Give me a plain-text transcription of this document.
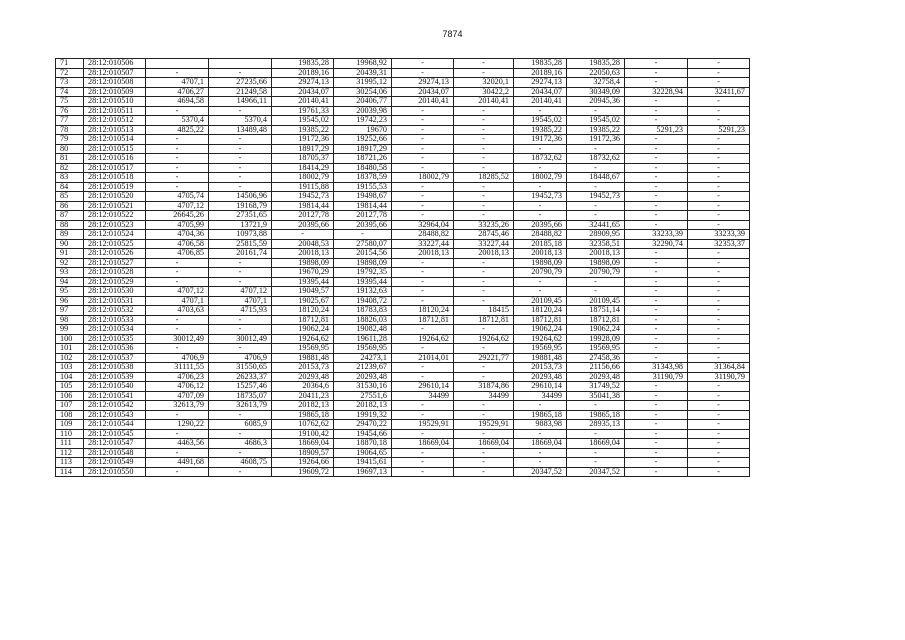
7874
71	28:12:010506			19835,28	19968,92	-	-	19835,28	19835,28	-	-
72	28:12:010507	-	-	20189,16	20439,31	-	-	20189,16	22050,63	-	-
73	28:12:010508	4707,1	27235,66	29274,13	31995,12	29274,13	32020,1	29274,13	32758,4	-	-
74	28:12:010509	4706,27	21249,58	20434,07	30254,06	20434,07	30422,2	20434,07	30349,09	32228,94	32411,67
75	28:12:010510	4694,58	14966,11	20140,41	20406,77	20140,41	20140,41	20140,41	20945,36	-	-
76	28:12:010511	-	-	19761,33	20039,98	-	-	-	-	-	-
77	28:12:010512	5370,4	5370,4	19545,02	19742,23	-	-	19545,02	19545,02	-	-
78	28:12:010513	4825,22	13489,48	19385,22	19670	-	-	19385,22	19385,22	5291,23	5291,23
79	28:12:010514	-	-	19172,36	19252,66	-	-	19172,36	19172,36	-	-
80	28:12:010515	-	-	18917,29	18917,29	-	-	-	-	-	-
81	28:12:010516	-	-	18705,37	18721,26	-	-	18732,62	18732,62	-	-
82	28:12:010517	-	-	18414,29	18480,58	-	-	-	-	-	-
83	28:12:010518	-	-	18002,79	18378,59	18002,79	18285,52	18002,79	18448,67	-	-
84	28:12:010519	-	-	19115,88	19155,53	-	-	-	-	-	-
85	28:12:010520	4705,74	14506,96	19452,73	19498,67	-	-	19452,73	19452,73	-	-
86	28:12:010521	4707,12	19168,79	19814,44	19814,44	-	-	-	-	-	-
87	28:12:010522	26645,26	27351,65	20127,78	20127,78	-	-	-	-	-	-
88	28:12:010523	4705,99	13721,9	20395,66	20395,66	32964,04	33235,26	20395,66	32441,65	-	-
89	28:12:010524	4704,36	10973,88	-	-	28488,82	28745,46	28488,82	28909,95	33233,39	33233,39
90	28:12:010525	4706,58	25815,59	20048,53	27580,07	33227,44	33227,44	20185,18	32358,51	32290,74	32353,37
91	28:12:010526	4706,85	20161,74	20018,13	20154,56	20018,13	20018,13	20018,13	20018,13	-	-
92	28:12:010527	-	-	19898,09	19898,09	-	-	19898,09	19898,09	-	-
93	28:12:010528	-	-	19670,29	19792,35	-	-	20790,79	20790,79	-	-
94	28:12:010529	-	-	19395,44	19395,44	-	-	-	-	-	-
95	28:12:010530	4707,12	4707,12	19049,57	19132,63	-	-	-	-	-	-
96	28:12:010531	4707,1	4707,1	19025,67	19408,72	-	-	20109,45	20109,45	-	-
97	28:12:010532	4703,63	4715,93	18120,24	18783,83	18120,24	18415	18120,24	18751,14	-	-
98	28:12:010533	-	-	18712,81	18826,03	18712,81	18712,81	18712,81	18712,81	-	-
99	28:12:010534	-	-	19062,24	19082,48	-	-	19062,24	19062,24	-	-
100	28:12:010535	30012,49	30012,49	19264,62	19611,28	19264,62	19264,62	19264,62	19928,09	-	-
101	28:12:010536	-	-	19569,95	19569,95	-	-	19569,95	19569,95	-	-
102	28:12:010537	4706,9	4706,9	19881,48	24273,1	21014,01	29221,77	19881,48	27458,36	-	-
103	28:12:010538	31111,55	31550,65	20153,73	21239,67	-	-	20153,73	21156,66	31343,98	31364,84
104	28:12:010539	4706,23	26233,37	20293,48	20293,48	-	-	20293,48	20293,48	31190,79	31190,79
105	28:12:010540	4706,12	15257,46	20364,6	31530,16	29610,14	31874,86	29610,14	31749,52	-	-
106	28:12:010541	4707,09	18735,07	20411,23	27551,6	34499	34499	34499	35041,38	-	-
107	28:12:010542	32613,79	32613,79	20182,13	20182,13	-	-	-	-	-	-
108	28:12:010543	-	-	19865,18	19919,32	-	-	19865,18	19865,18	-	-
109	28:12:010544	1290,22	6085,9	10762,62	29470,22	19529,91	19529,91	9883,98	28935,13	-	-
110	28:12:010545	-	-	19100,42	19454,66	-	-	-	-	-	-
111	28:12:010547	4463,56	4686,3	18669,04	18870,18	18669,04	18669,04	18669,04	18669,04	-	-
112	28:12:010548	-	-	18909,57	19064,65	-	-	-	-	-	-
113	28:12:010549	4491,68	4608,75	19264,66	19415,61	-	-	-	-	-	-
114	28:12:010550	-	-	19609,72	19697,13	-	-	20347,52	20347,52	-	-
